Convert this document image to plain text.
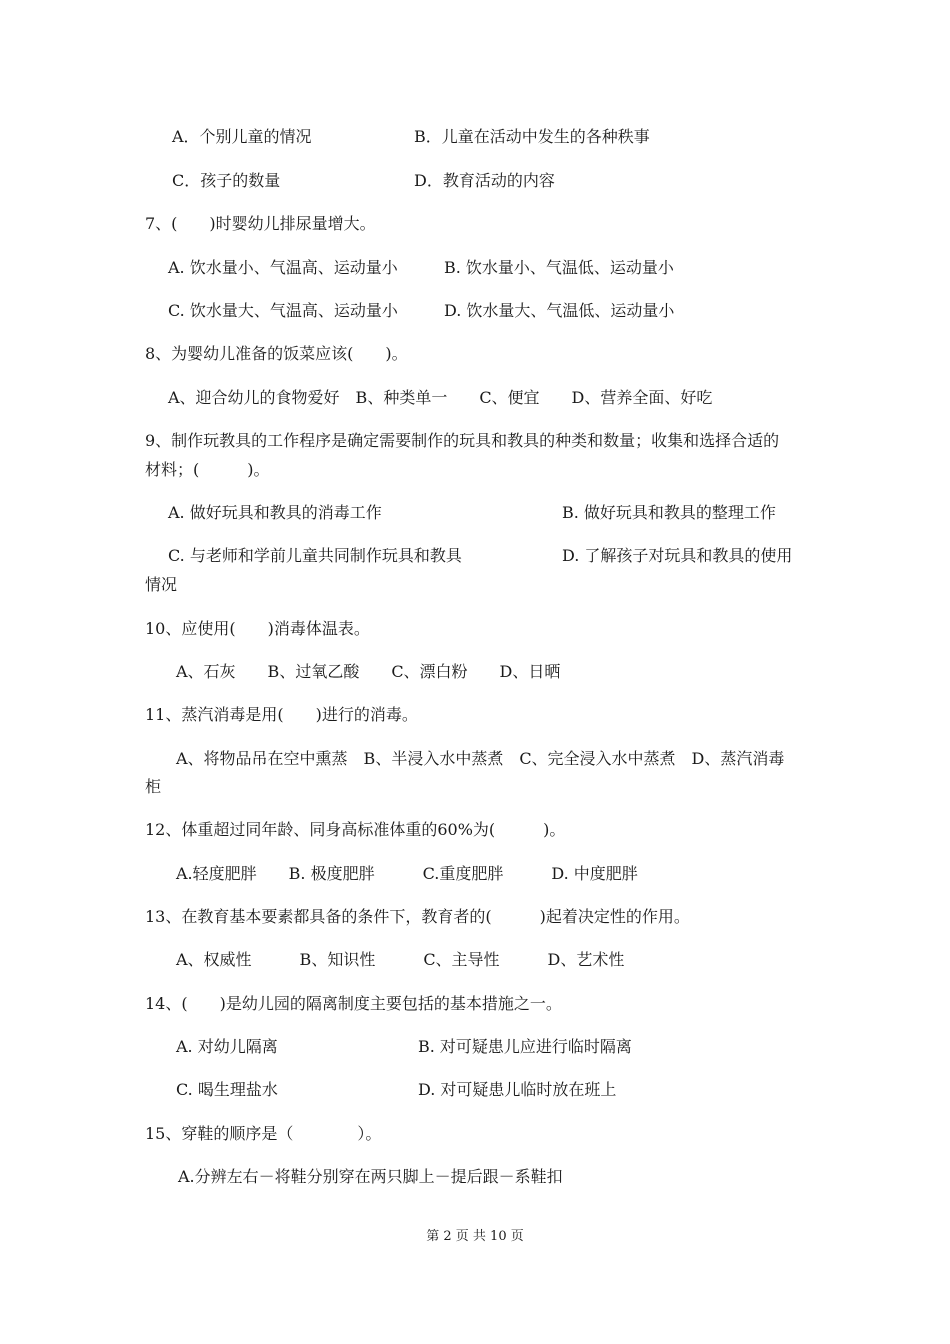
A．个别儿童的情况	B．儿童在活动中发生的各种秩事
C．孩子的数量	D．教育活动的内容
7、(　　)时婴幼儿排尿量增大。
A. 饮水量小、气温高、运动量小	B. 饮水量小、气温低、运动量小
C. 饮水量大、气温高、运动量小	D. 饮水量大、气温低、运动量小
8、为婴幼儿准备的饭菜应该(　　)。
A、迎合幼儿的食物爱好　B、种类单一　　C、便宜　　D、营养全面、好吃
9、制作玩教具的工作程序是确定需要制作的玩具和教具的种类和数量；收集和选择合适的
材料；(　　　)。
A. 做好玩具和教具的消毒工作	B. 做好玩具和教具的整理工作
C. 与老师和学前儿童共同制作玩具和教具	D. 了解孩子对玩具和教具的使用
情况
10、应使用(　　)消毒体温表。
A、石灰　　B、过氧乙酸　　C、漂白粉　　D、日晒
11、蒸汽消毒是用(　　)进行的消毒。
A、将物品吊在空中熏蒸　B、半浸入水中蒸煮　C、完全浸入水中蒸煮　D、蒸汽消毒
柜
12、体重超过同年龄、同身高标准体重的60%为(　　　)。
A.轻度肥胖　　B. 极度肥胖　　　C.重度肥胖　　　D. 中度肥胖
13、在教育基本要素都具备的条件下，教育者的(　　　)起着决定性的作用。
A、权威性　　　B、知识性　　　C、主导性　　　D、艺术性
14、(　　)是幼儿园的隔离制度主要包括的基本措施之一。
A. 对幼儿隔离	B. 对可疑患儿应进行临时隔离
C. 喝生理盐水	D. 对可疑患儿临时放在班上
15、穿鞋的顺序是（　　　　）。
A.分辨左右－将鞋分别穿在两只脚上－提后跟－系鞋扣
第 2 页 共 10 页
